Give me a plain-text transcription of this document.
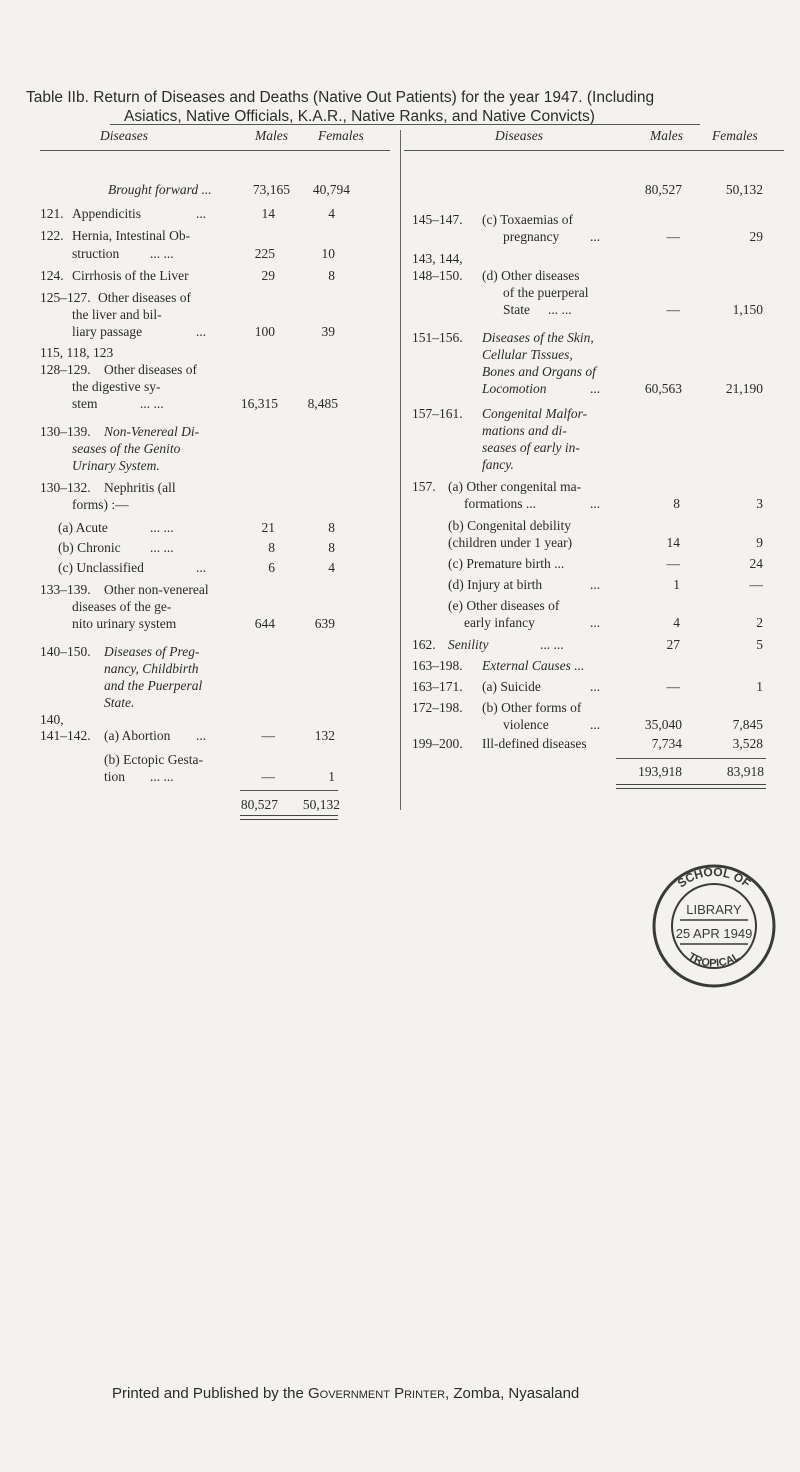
Table IIb. Return of Diseases and Deaths (Native Out Patients) for the year 1947. (Including
Asiatics, Native Officials, K.A.R., Native Ranks, and Native Convicts)
Diseases	Males Females	Diseases	Males Females
Brought forward ...	73,165	40,794
121. Appendicitis	...	14	4
122. Hernia, Intestinal Ob-
struction ... ...	225	10
124. Cirrhosis of the Liver	29	8
125–127. Other diseases of
the liver and bil-
liary passage	...	100	39
115, 118, 123
128–129. Other diseases of
the digestive sy-
stem	... ...	16,315	8,485
130–139. Non-Venereal Di-
seases of the Genito
Urinary System.
130–132. Nephritis (all
forms) :—
(a) Acute	... ...	21	8
(b) Chronic ... ...	8	8
(c) Unclassified	...	6	4
133–139. Other non-venereal
diseases of the ge-
nito urinary system	644	639
140–150. Diseases of Preg-
nancy, Childbirth
and the Puerperal
State.
140,
141–142. (a) Abortion ...	—	132
(b) Ectopic Gesta-
tion ... ...	—	1
80,527	50,132
80,527	50,132
145–147. (c) Toxaemias of
pregnancy ...	—	29
143, 144,
148–150. (d) Other diseases
of the puerperal
State ... ...	—	1,150
151–156. Diseases of the Skin,
Cellular Tissues,
Bones and Organs of
Locomotion	...	60,563	21,190
157–161. Congenital Malfor-
mations and di-
seases of early in-
fancy.
157. (a) Other congenital ma-
formations ...	...	8	3
(b) Congenital debility
(children under 1 year)	14	9
(c) Premature birth ...	—	24
(d) Injury at birth	...	1	—
(e) Other diseases of
early infancy	...	4	2
162. Senility	... ...	27	5
163–198. External Causes ...
163–171. (a) Suicide	...	—	1
172–198. (b) Other forms of
violence	...	35,040	7,845
199–200. Ill-defined diseases	7,734	3,528
193,918	83,918
SCHOOL OF
LIBRARY
25 APR 1949
TROPICAL
Printed and Published by the Government Printer, Zomba, Nyasaland
